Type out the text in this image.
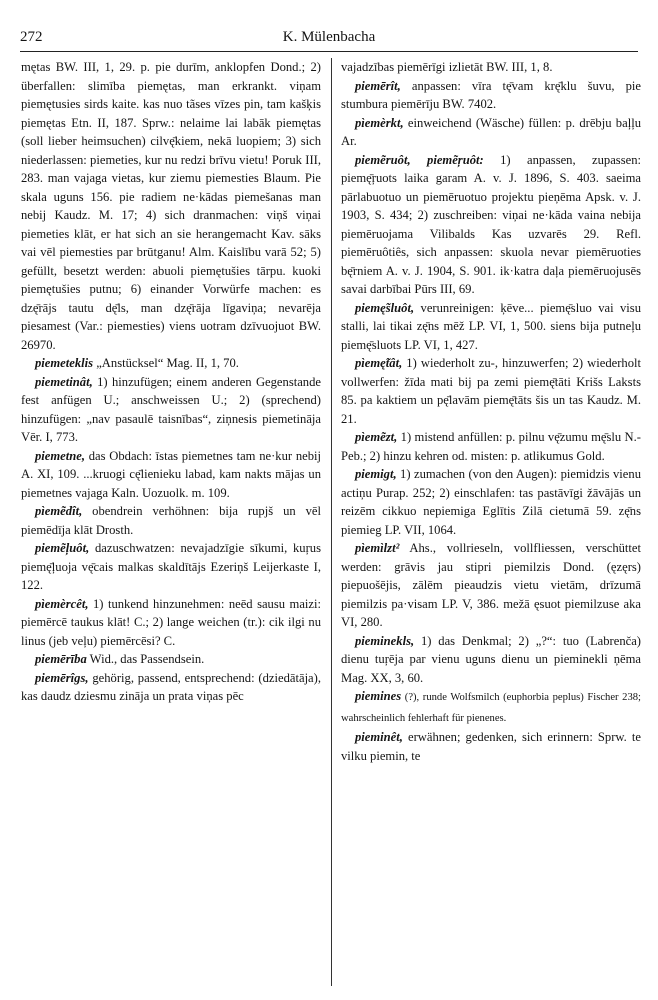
272	K. Mülenbacha

mętas BW. III, 1, 29. p. pie durīm, anklopfen Dond.; 2) überfallen: slimība piemętas, man erkrankt. viņam piemętusies sirds kaite. kas nuo tãses vīzes pin, tam kašķis piemętas Etn. II, 187. Sprw.: nelaime lai labāk piemętas (soll lieber heimsuchen) cilvę̄kiem, nekā luopiem; 3) sich niederlassen: piemeties, kur nu redzi brīvu vietu! Poruk III, 283. man vajaga vietas, kur ziemu piemesties Blaum. Pie skala uguns 156. pie radiem ne·kādas piemešanas man nebij Kaudz. M. 17; 4) sich dranmachen: viņš viņai piemeties klāt, er hat sich an sie herangemacht Kav. sāks vai vēl piemesties par brūtganu! Alm. Kaislību varā 52; 5) gefüllt, besetzt werden: abuoli piemętušies tārpu. kuoki piemętušies putnu; 6) einander Vorwürfe machen: es dzę̄rājs tautu dę̄ls, man dzę̄rāja līgaviņa; nevarēja piesamest (Var.: piemesties) viens uotram dzīvuojuot BW. 26970.

piemeteklis „Anstücksel“ Mag. II, 1, 70.

piemetinât, 1) hinzufügen; einem anderen Gegenstande fest anfügen U.; anschweissen U.; 2) (sprechend) hinzufügen: „nav pasaulē taisnības“, ziņnesis piemetināja Vēr. I, 773.

piemetne, das Obdach: īstas piemetnes tam ne·kur nebij A. XI, 109. ...kruogi cę̄lienieku labad, kam nakts mājas un piemetnes vajaga Kaln. Uozuolk. m. 109.

pìemẽdît, obendrein verhöhnen: bija rupjš un vēl piemēdīja klāt Drosth.

piemẽļuôt, dazuschwatzen: nevajadzīgie sīkumi, kuŗus piemę̄ļuoja vę̄cais malkas skaldītājs Ezeriņš Leijerkaste I, 122.

pìemèrcêt, 1) tunkend hinzunehmen: neēd sausu maizi: piemērcē taukus klāt! C.; 2) lange weichen (tr.): cik ilgi nu linus (jeb veļu) piemērcēsi? C.

piemērība Wid., das Passendsein.

piemērîgs, gehörig, passend, entsprechend: (dziedātāja), kas daudz dziesmu zināja un prata viņas pēc

vajadzības piemērīgi izlietāt BW. III, 1, 8.

piemērît, anpassen: vīra tę̄vam krę̄klu šuvu, pie stumbura piemērīju BW. 7402.

pìemèrkt, einweichend (Wäsche) füllen: p. drēbju baļļu Ar.

piemẽruôt, piemẽŗuôt: 1) anpassen, zupassen: piemę̄ŗuots laika garam A. v. J. 1896, S. 403. saeima pārlabuotuo un piemēruotuo projektu pieņēma Apsk. v. J. 1903, S. 434; 2) zuschreiben: viņai ne·kāda vaina nebija piemēruojama Vilibalds Kas uzvarēs 29. Refl. piemēruôtiês, sich anpassen: skuola nevar piemēruoties bę̄rniem A. v. J. 1904, S. 901. ik·katra daļa piemēruojusēs savai darbībai Pūrs III, 69.

piemę̃sluôt, verunreinigen: ķēve... piemę̄sluo vai visu stalli, lai tikai zę̄ns mēž LP. VI, 1, 500. siens bija putneļu piemę̄sluots LP. VI, 1, 427.

pìemę̃tât, 1) wiederholt zu-, hinzuwerfen; 2) wiederholt vollwerfen: žīda mati bij pa zemi piemę̄tāti Krišs Laksts 85. pa kaktiem un pę̄lavām piemę̄tāts šis un tas Kaudz. M. 21.

pìemẽzt, 1) mistend anfüllen: p. pilnu vę̄zumu mę̄slu N.-Peb.; 2) hinzu kehren od. misten: p. atlikumus Gold.

piemigt, 1) zumachen (von den Augen): piemidzis vienu actiņu Purap. 252; 2) einschlafen: tas pastāvīgi žāvājās un reizēm cikkuo nepiemiga Eglītis Zilā cietumā 59. zę̄ns piemieg LP. VII, 1064.

pìemìlzt² Ahs., vollrieseln, vollfliessen, verschüttet werden: grāvis jau stipri piemilzis Dond. (ęzęrs) piepuošējis, zālēm pieaudzis vietu vietām, drīzumā piemilzis pa·visam LP. V, 386. mežā ęsuot piemilzuse aka VI, 280.

pieminekls, 1) das Denkmal; 2) „?“: tuo (Labrenča) dienu tuŗēja par vienu uguns dienu un pieminekli ņēma Mag. XX, 3, 60.

piemines (?), runde Wolfsmilch (euphorbia peplus) Fischer 238; wahrscheinlich fehlerhaft für pienenes.

pieminêt, erwähnen; gedenken, sich erinnern: Sprw. te vilku piemin, te
